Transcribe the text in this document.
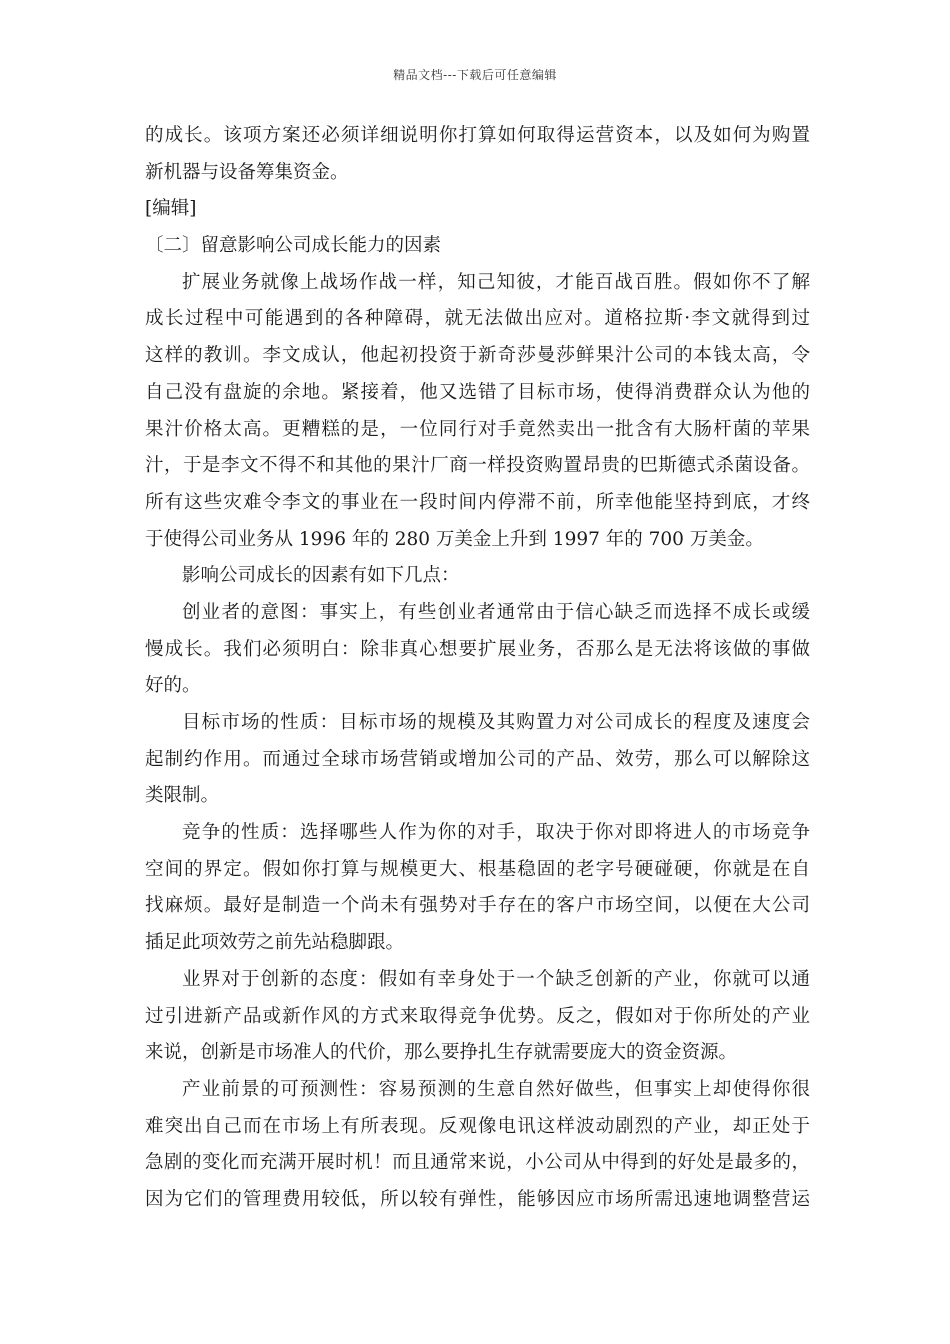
精品文档---下载后可任意编辑
的成长。该项方案还必须详细说明你打算如何取得运营资本，以及如何为购置
新机器与设备筹集资金。
[编辑]
〔二〕留意影响公司成长能力的因素
扩展业务就像上战场作战一样，知己知彼，才能百战百胜。假如你不了解
成长过程中可能遇到的各种障碍，就无法做出应对。道格拉斯·李文就得到过
这样的教训。李文成认，他起初投资于新奇莎曼莎鲜果汁公司的本钱太高，令
自己没有盘旋的余地。紧接着，他又选错了目标市场，使得消费群众认为他的
果汁价格太高。更糟糕的是，一位同行对手竟然卖出一批含有大肠杆菌的苹果
汁，于是李文不得不和其他的果汁厂商一样投资购置昂贵的巴斯德式杀菌设备。
所有这些灾难令李文的事业在一段时间内停滞不前，所幸他能坚持到底，才终
于使得公司业务从 1996 年的 280 万美金上升到 1997 年的 700 万美金。
影响公司成长的因素有如下几点：
创业者的意图：事实上，有些创业者通常由于信心缺乏而选择不成长或缓
慢成长。我们必须明白：除非真心想要扩展业务，否那么是无法将该做的事做
好的。
目标市场的性质：目标市场的规模及其购置力对公司成长的程度及速度会
起制约作用。而通过全球市场营销或增加公司的产品、效劳，那么可以解除这
类限制。
竞争的性质：选择哪些人作为你的对手，取决于你对即将进人的市场竞争
空间的界定。假如你打算与规模更大、根基稳固的老字号硬碰硬，你就是在自
找麻烦。最好是制造一个尚未有强势对手存在的客户市场空间，以便在大公司
插足此项效劳之前先站稳脚跟。
业界对于创新的态度：假如有幸身处于一个缺乏创新的产业，你就可以通
过引进新产品或新作风的方式来取得竞争优势。反之，假如对于你所处的产业
来说，创新是市场准人的代价，那么要挣扎生存就需要庞大的资金资源。
产业前景的可预测性：容易预测的生意自然好做些，但事实上却使得你很
难突出自己而在市场上有所表现。反观像电讯这样波动剧烈的产业，却正处于
急剧的变化而充满开展时机！而且通常来说，小公司从中得到的好处是最多的，
因为它们的管理费用较低，所以较有弹性，能够因应市场所需迅速地调整营运
